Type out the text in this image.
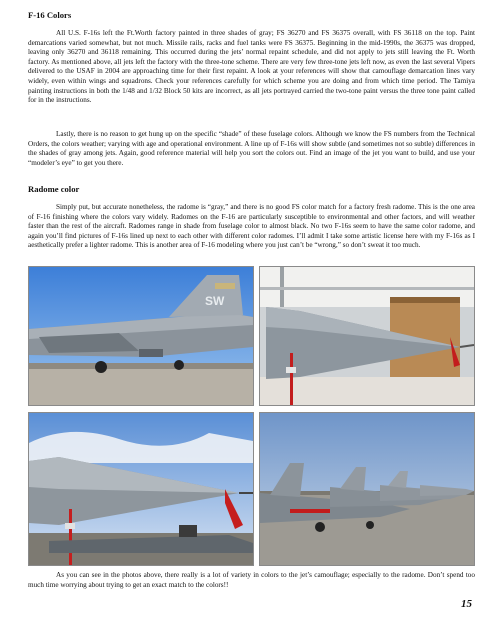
F-16 Colors

All U.S. F-16s left the Ft.Worth factory painted in three shades of gray; FS 36270 and FS 36375 overall, with FS 36118 on the top. Paint demarcations varied somewhat, but not much. Missile rails, racks and fuel tanks were FS 36375. Beginning in the mid-1990s, the 36375 was dropped, leaving only 36270 and 36118 remaining. This occurred during the jets’ normal repaint schedule, and did not apply to jets still leaving the Ft. Worth factory. As mentioned above, all jets left the factory with the three-tone scheme. There are very few three-tone jets left now, as even the last several Vipers delivered to the USAF in 2004 are approaching time for their first repaint. A look at your references will show that camouflage demarcation lines vary widely, even within wings and squadrons. Check your references carefully for which scheme you are doing and from which time period. The Tamiya painting instructions in both the 1/48 and 1/32 Block 50 kits are incorrect, as all jets portrayed carried the two-tone paint versus the three tone paint called for in the instructions.

Lastly, there is no reason to get hung up on the specific “shade” of these fuselage colors. Although we know the FS numbers from the Technical Orders, the colors weather; varying with age and operational environment. A line up of F-16s will show subtle (and sometimes not so subtle) differences in the shades of gray among jets. Again, good reference material will help you sort the colors out. Find an image of the jet you want to build, and use your “modeler’s eye” to get you there.

Radome color

Simply put, but accurate nonetheless, the radome is “gray,” and there is no good FS color match for a factory fresh radome. This is the one area of F-16 finishing where the colors vary widely. Radomes on the F-16 are particularly susceptible to environmental and other factors, and will weather faster than the rest of the aircraft. Radomes range in shade from fuselage color to almost black. No two F-16s seem to have the same color radome, and again you’ll find pictures of F-16s lined up next to each other with different color radomes. I’ll admit I take some artistic license here with my F-16s as I aesthetically prefer a lighter radome. This is another area of F-16 modeling where you just can’t be “wrong,” so don’t sweat it too much.

SW

As you can see in the photos above, there really is a lot of variety in colors to the jet’s camouflage; especially to the radome. Don’t spend too much time worrying about trying to get an exact match to the colors!!

15
